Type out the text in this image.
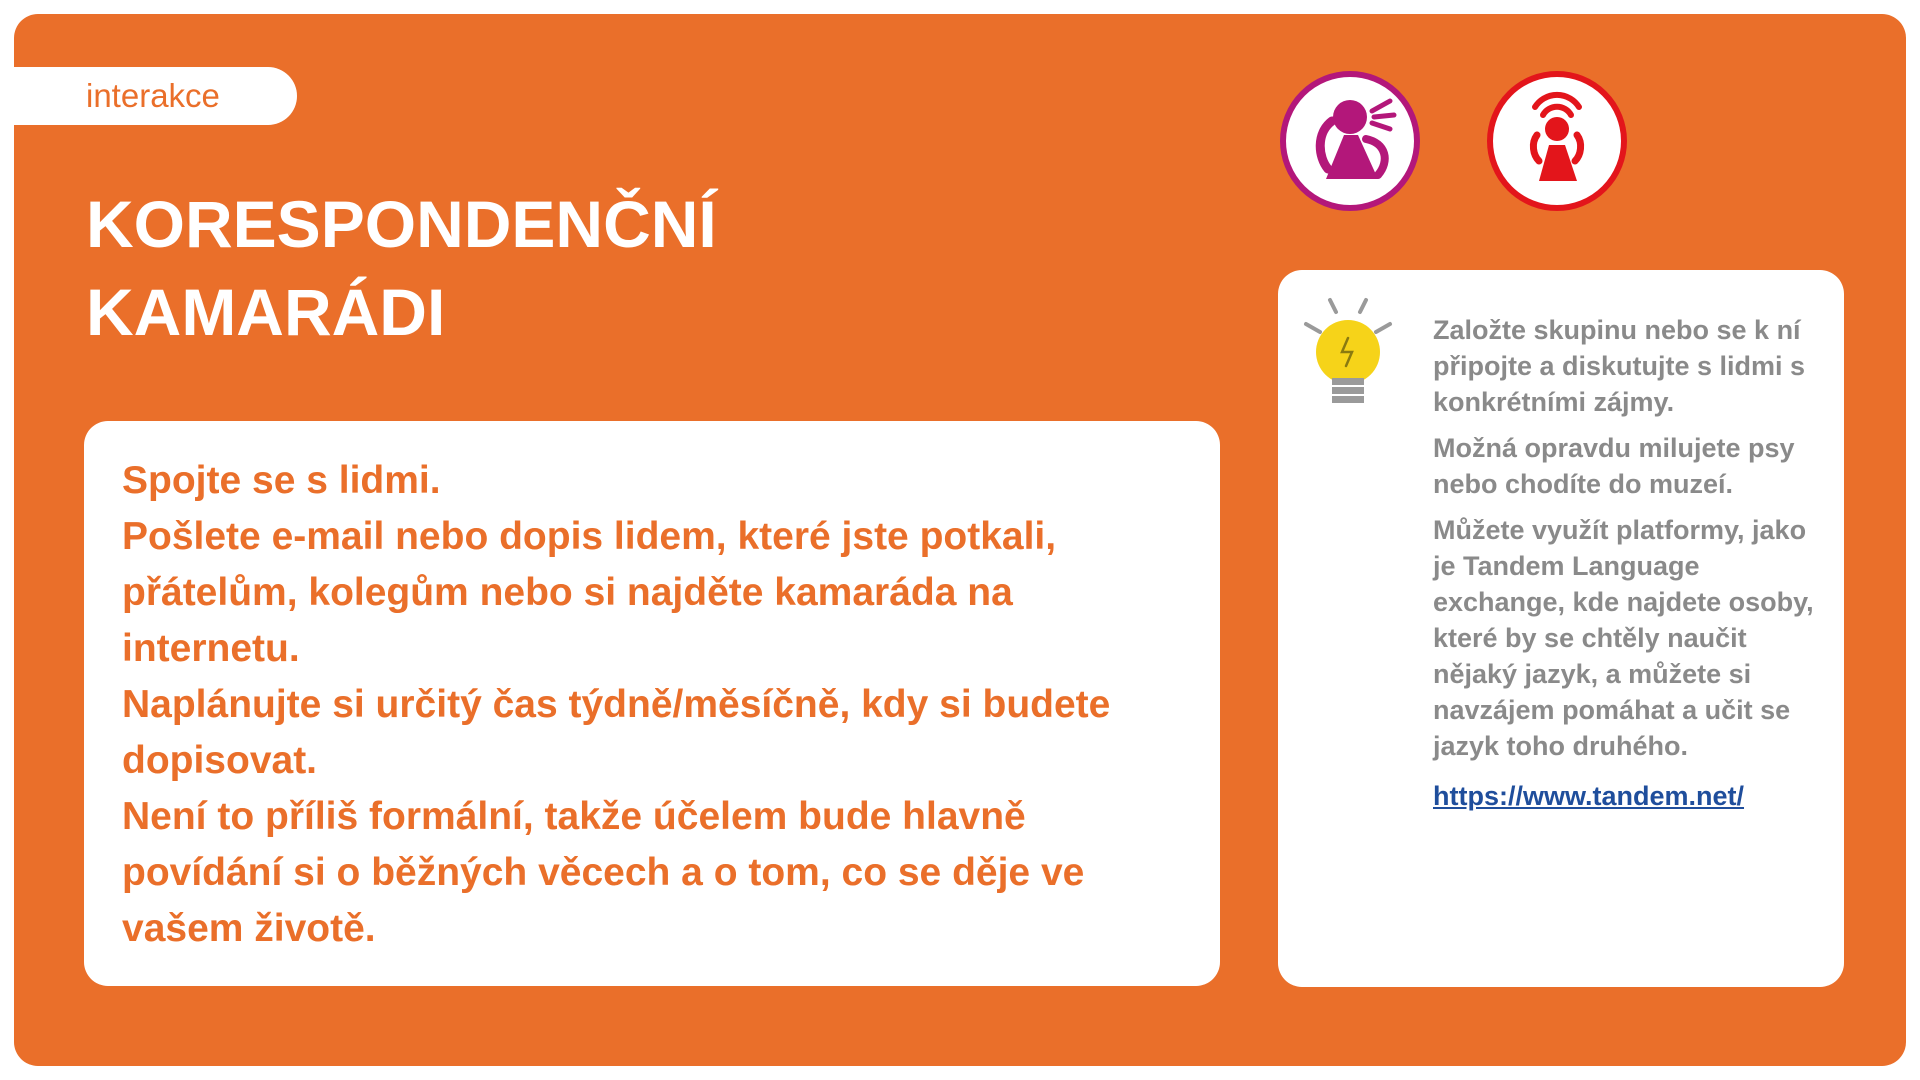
interakce
KORESPONDENČNÍ
KAMARÁDI

Spojte se s lidmi.

Pošlete e-mail nebo dopis lidem, které jste potkali, přátelům, kolegům nebo si najděte kamaráda na internetu.

Naplánujte si určitý čas týdně/měsíčně, kdy si budete dopisovat.

Není to příliš formální, takže účelem bude hlavně povídání si o běžných věcech a o tom, co se děje ve vašem životě.

Založte skupinu nebo se k ní připojte a diskutujte s lidmi s konkrétními zájmy.

Možná opravdu milujete psy nebo chodíte do muzeí.

Můžete využít platformy, jako je Tandem Language exchange, kde najdete osoby, které by se chtěly naučit nějaký jazyk, a můžete si navzájem pomáhat a učit se jazyk toho druhého.

https://www.tandem.net/
